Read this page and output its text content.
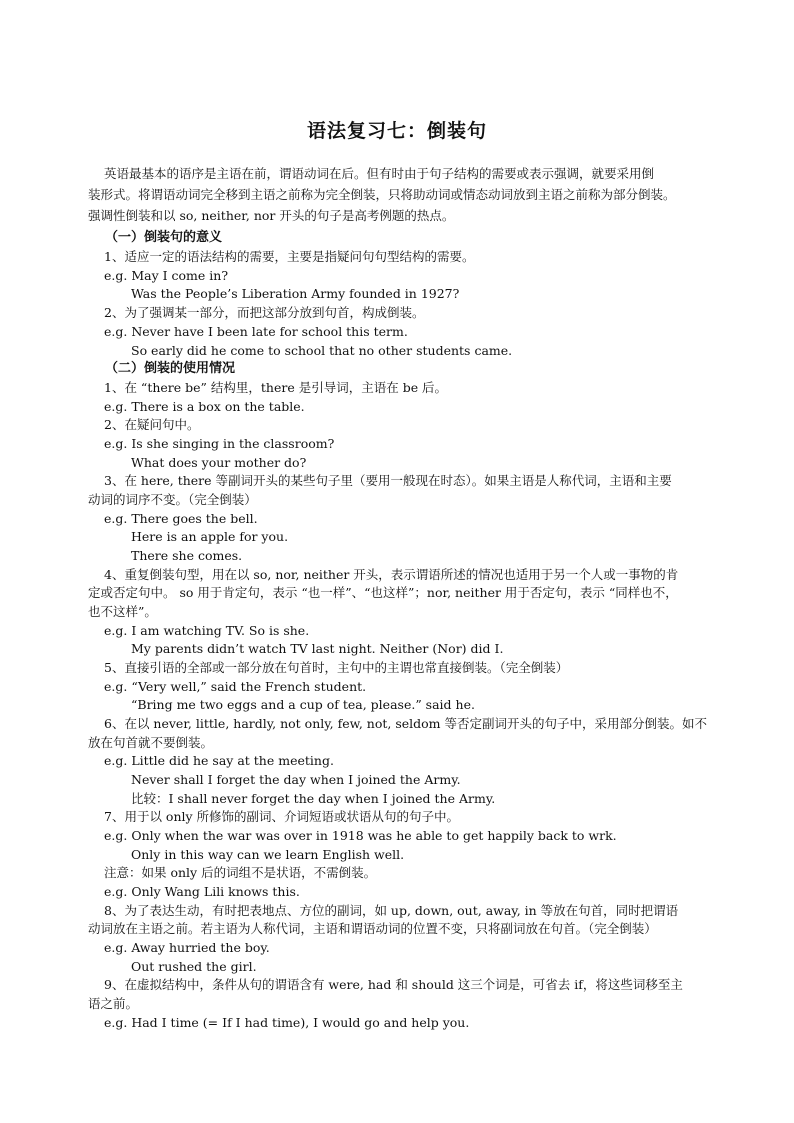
语法复习七：倒装句
英语最基本的语序是主语在前，谓语动词在后。但有时由于句子结构的需要或表示强调，就要采用倒
装形式。将谓语动词完全移到主语之前称为完全倒装，只将助动词或情态动词放到主语之前称为部分倒装。
强调性倒装和以 so, neither, nor 开头的句子是高考例题的热点。
（一）倒装句的意义
1、适应一定的语法结构的需要，主要是指疑问句句型结构的需要。
e.g. May I come in?
Was the People’s Liberation Army founded in 1927?
2、为了强调某一部分，而把这部分放到句首，构成倒装。
e.g. Never have I been late for school this term.
So early did he come to school that no other students came.
（二）倒装的使用情况
1、在 “there be” 结构里，there 是引导词，主语在 be 后。
e.g. There is a box on the table.
2、在疑问句中。
e.g. Is she singing in the classroom?
What does your mother do?
3、在 here, there 等副词开头的某些句子里（要用一般现在时态）。如果主语是人称代词，主语和主要
动词的词序不变。（完全倒装）
e.g. There goes the bell.
Here is an apple for you.
There she comes.
4、重复倒装句型，用在以 so, nor, neither 开头，表示谓语所述的情况也适用于另一个人或一事物的肯
定或否定句中。 so 用于肯定句，表示 “也一样”、“也这样”；nor, neither 用于否定句，表示 “同样也不，
也不这样”。
e.g. I am watching TV. So is she.
My parents didn’t watch TV last night. Neither (Nor) did I.
5、直接引语的全部或一部分放在句首时，主句中的主谓也常直接倒装。（完全倒装）
e.g. “Very well,” said the French student.
“Bring me two eggs and a cup of tea, please.” said he.
6、在以 never, little, hardly, not only, few, not, seldom 等否定副词开头的句子中，采用部分倒装。如不
放在句首就不要倒装。
e.g. Little did he say at the meeting.
Never shall I forget the day when I joined the Army.
比较：I shall never forget the day when I joined the Army.
7、用于以 only 所修饰的副词、介词短语或状语从句的句子中。
e.g. Only when the war was over in 1918 was he able to get happily back to wrk.
Only in this way can we learn English well.
注意：如果 only 后的词组不是状语，不需倒装。
e.g. Only Wang Lili knows this.
8、为了表达生动，有时把表地点、方位的副词，如 up, down, out, away, in 等放在句首，同时把谓语
动词放在主语之前。若主语为人称代词，主语和谓语动词的位置不变，只将副词放在句首。（完全倒装）
e.g. Away hurried the boy.
Out rushed the girl.
9、在虚拟结构中，条件从句的谓语含有 were, had 和 should 这三个词是，可省去 if，将这些词移至主
语之前。
e.g. Had I time (= If I had time), I would go and help you.
